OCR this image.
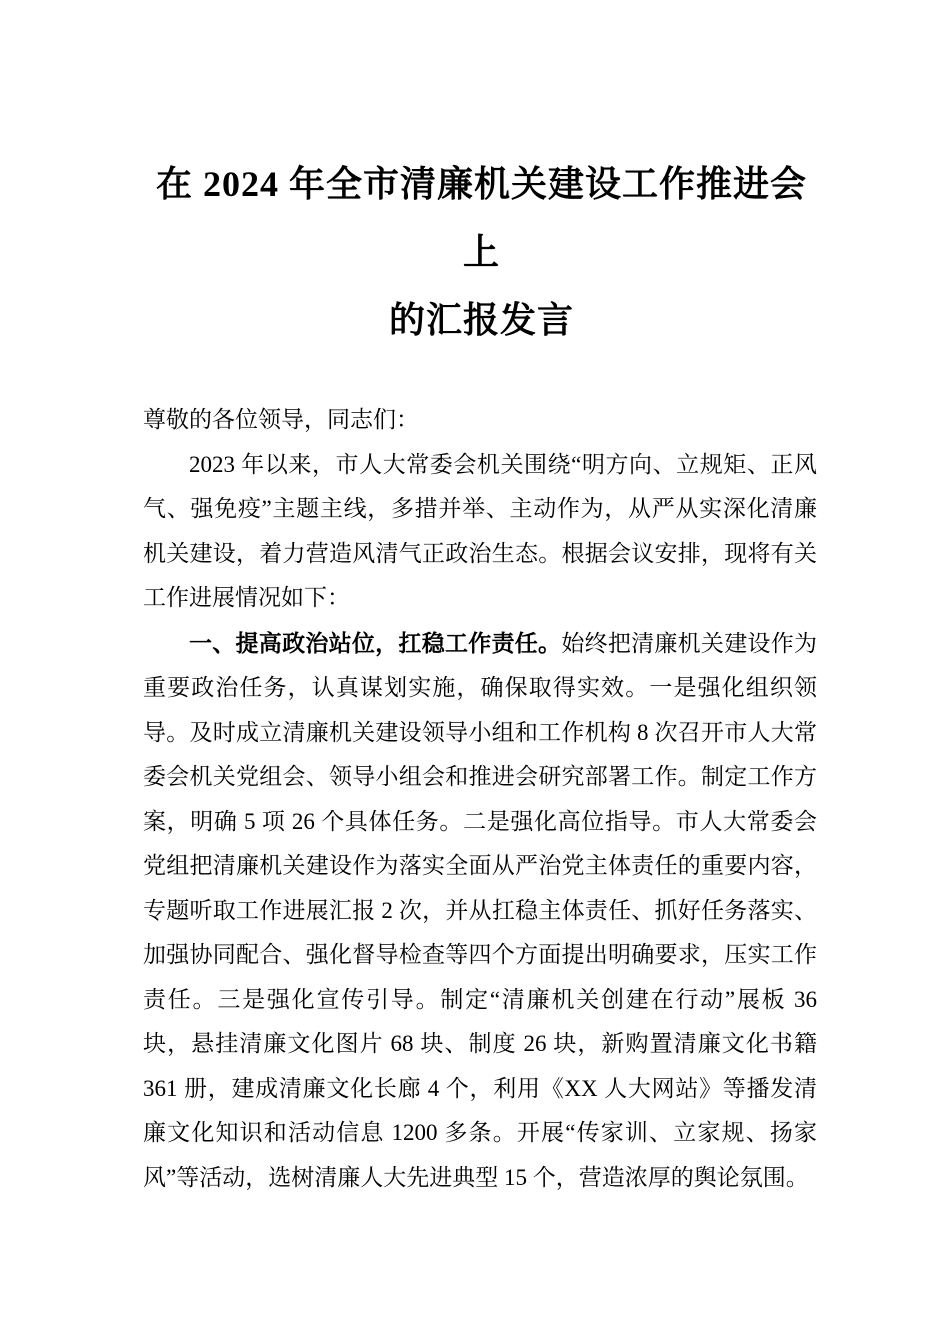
在 2024 年全市清廉机关建设工作推进会上
的汇报发言

尊敬的各位领导，同志们：

2023 年以来，市人大常委会机关围绕“明方向、立规矩、正风气、强免疫”主题主线，多措并举、主动作为，从严从实深化清廉机关建设，着力营造风清气正政治生态。根据会议安排，现将有关工作进展情况如下：

一、提高政治站位，扛稳工作责任。始终把清廉机关建设作为重要政治任务，认真谋划实施，确保取得实效。一是强化组织领导。及时成立清廉机关建设领导小组和工作机构 8 次召开市人大常委会机关党组会、领导小组会和推进会研究部署工作。制定工作方案，明确 5 项 26 个具体任务。二是强化高位指导。市人大常委会党组把清廉机关建设作为落实全面从严治党主体责任的重要内容，专题听取工作进展汇报 2 次，并从扛稳主体责任、抓好任务落实、加强协同配合、强化督导检查等四个方面提出明确要求，压实工作责任。三是强化宣传引导。制定“清廉机关创建在行动”展板 36 块，悬挂清廉文化图片 68 块、制度 26 块，新购置清廉文化书籍 361 册，建成清廉文化长廊 4 个，利用《XX 人大网站》等播发清廉文化知识和活动信息 1200 多条。开展“传家训、立家规、扬家风”等活动，选树清廉人大先进典型 15 个，营造浓厚的舆论氛围。
